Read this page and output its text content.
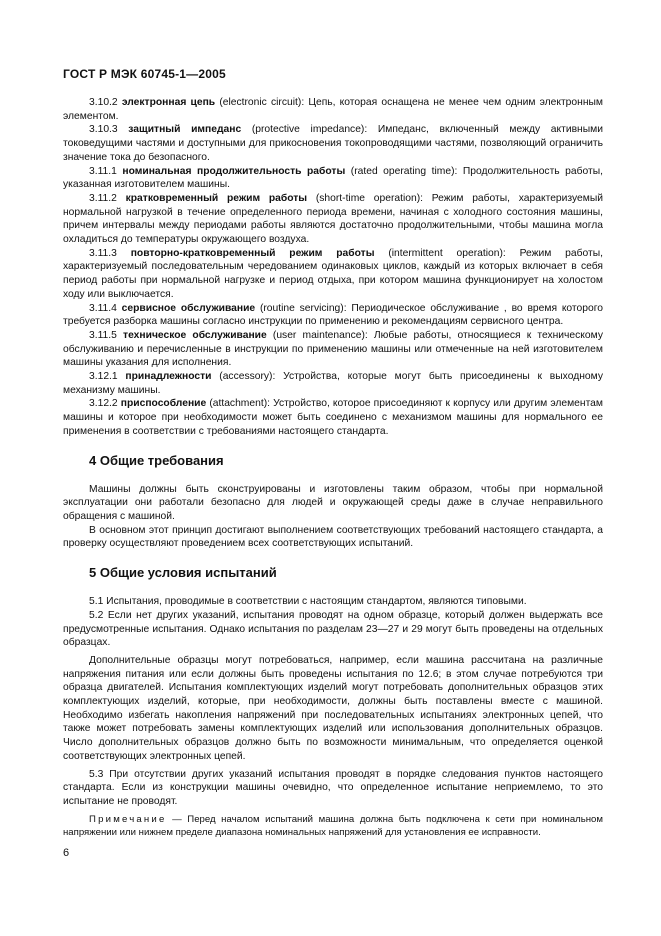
ГОСТ Р МЭК 60745-1—2005

3.10.2 электронная цепь (electronic circuit): Цепь, которая оснащена не менее чем одним электронным элементом.

3.10.3 защитный импеданс (protective impedance): Импеданс, включенный между активными токоведущими частями и доступными для прикосновения токопроводящими частями, позволяющий ограничить значение тока до безопасного.

3.11.1 номинальная продолжительность работы (rated operating time): Продолжительность работы, указанная изготовителем машины.

3.11.2 кратковременный режим работы (short-time operation): Режим работы, характеризуемый нормальной нагрузкой в течение определенного периода времени, начиная с холодного состояния машины, причем интервалы между периодами работы являются достаточно продолжительными, чтобы машина могла охладиться до температуры окружающего воздуха.

3.11.3 повторно-кратковременный режим работы (intermittent operation): Режим работы, характеризуемый последовательным чередованием одинаковых циклов, каждый из которых включает в себя период работы при нормальной нагрузке и период отдыха, при котором машина функционирует на холостом ходу или выключается.

3.11.4 сервисное обслуживание (routine servicing): Периодическое обслуживание , во время которого требуется разборка машины согласно инструкции по применению и рекомендациям сервисного центра.

3.11.5 техническое обслуживание (user maintenance): Любые работы, относящиеся к техническому обслуживанию и перечисленные в инструкции по применению машины или отмеченные на ней изготовителем машины указания для исполнения.

3.12.1 принадлежности (accessory): Устройства, которые могут быть присоединены к выходному механизму машины.

3.12.2 приспособление (attachment): Устройство, которое присоединяют к корпусу или другим элементам машины и которое при необходимости может быть соединено с механизмом машины для нормального ее применения в соответствии с требованиями настоящего стандарта.

4 Общие требования

Машины должны быть сконструированы и изготовлены таким образом, чтобы при нормальной эксплуатации они работали безопасно для людей и окружающей среды даже в случае неправильного обращения с машиной.

В основном этот принцип достигают выполнением соответствующих требований настоящего стандарта, а проверку осуществляют проведением всех соответствующих испытаний.

5 Общие условия испытаний

5.1 Испытания, проводимые в соответствии с настоящим стандартом, являются типовыми.

5.2 Если нет других указаний, испытания проводят на одном образце, который должен выдержать все предусмотренные испытания. Однако испытания по разделам 23—27 и 29 могут быть проведены на отдельных образцах.

Дополнительные образцы могут потребоваться, например, если машина рассчитана на различные напряжения питания или если должны быть проведены испытания по 12.6; в этом случае потребуются три образца двигателей. Испытания комплектующих изделий могут потребовать дополнительных образцов этих комплектующих изделий, которые, при необходимости, должны быть поставлены вместе с машиной. Необходимо избегать накопления напряжений при последовательных испытаниях электронных цепей, что также может потребовать замены комплектующих изделий или использования дополнительных образцов. Число дополнительных образцов должно быть по возможности минимальным, что определяется оценкой соответствующих электронных цепей.

5.3 При отсутствии других указаний испытания проводят в порядке следования пунктов настоящего стандарта. Если из конструкции машины очевидно, что определенное испытание неприемлемо, то это испытание не проводят.

Примечание — Перед началом испытаний машина должна быть подключена к сети при номинальном напряжении или нижнем пределе диапазона номинальных напряжений для установления ее исправности.

6
